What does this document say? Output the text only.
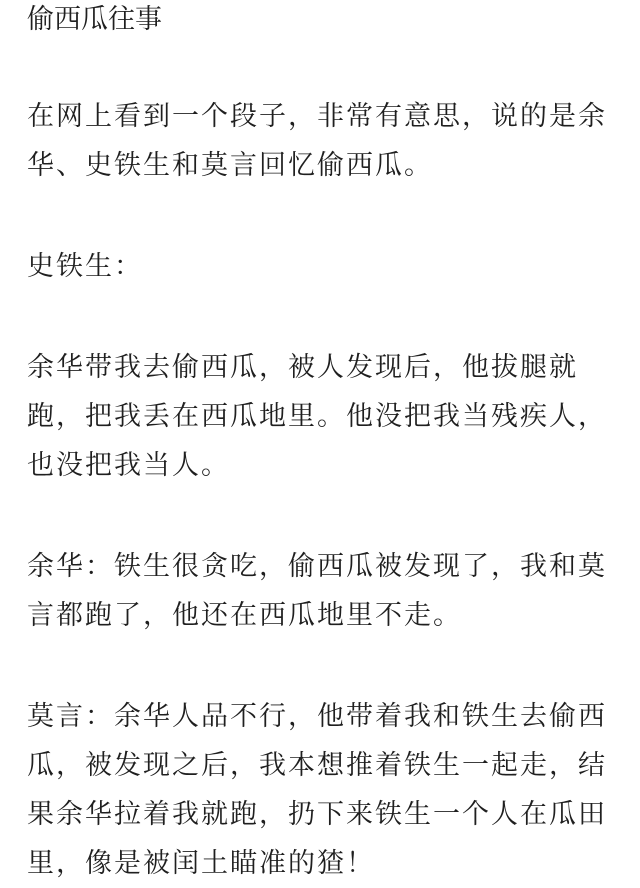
偷西瓜往事

在网上看到一个段子，非常有意思，说的是余华、史铁生和莫言回忆偷西瓜。

史铁生：

余华带我去偷西瓜，被人发现后，他拔腿就跑，把我丢在西瓜地里。他没把我当残疾人，也没把我当人。

余华：铁生很贪吃，偷西瓜被发现了，我和莫言都跑了，他还在西瓜地里不走。

莫言：余华人品不行，他带着我和铁生去偷西瓜，被发现之后，我本想推着铁生一起走，结果余华拉着我就跑，扔下来铁生一个人在瓜田里，像是被闰土瞄准的猹！
